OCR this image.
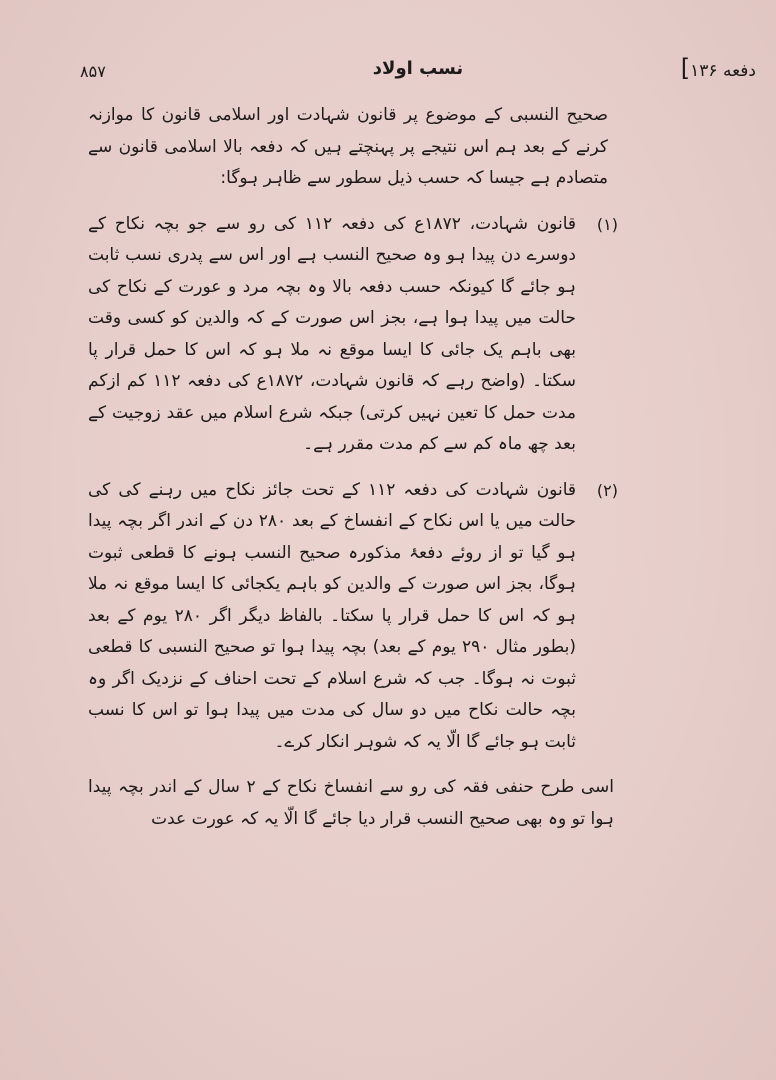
دفعه ۱۳۶]
نسب اولاد
۸۵۷

صحیح النسبی کے موضوع پر قانون شہادت اور اسلامی قانون کا موازنہ کرنے کے بعد ہم اس نتیجے پر پہنچتے ہیں کہ دفعہ بالا اسلامی قانون سے متصادم ہے جیسا کہ حسب ذیل سطور سے ظاہر ہوگا:

(۱)
قانون شہادت، ۱۸۷۲ع کی دفعہ ۱۱۲ کی رو سے جو بچہ نکاح کے دوسرے دن پیدا ہو وہ صحیح النسب ہے اور اس سے پدری نسب ثابت ہو جائے گا کیونکہ حسب دفعہ بالا وہ بچہ مرد و عورت کے نکاح کی حالت میں پیدا ہوا ہے، بجز اس صورت کے کہ والدین کو کسی وقت بھی باہم یک جائی کا ایسا موقع نہ ملا ہو کہ اس کا حمل قرار پا سکتا۔ (واضح رہے کہ قانون شہادت، ۱۸۷۲ع کی دفعہ ۱۱۲ کم ازکم مدت حمل کا تعین نہیں کرتی) جبکہ شرع اسلام میں عقد زوجیت کے بعد چھ ماہ کم سے کم مدت مقرر ہے۔

(۲)
قانون شہادت کی دفعہ ۱۱۲ کے تحت جائز نکاح میں رہنے کی کی حالت میں یا اس نکاح کے انفساخ کے بعد ۲۸۰ دن کے اندر اگر بچہ پیدا ہو گیا تو از روئے دفعۂ مذکورہ صحیح النسب ہونے کا قطعی ثبوت ہوگا، بجز اس صورت کے والدین کو باہم یکجائی کا ایسا موقع نہ ملا ہو کہ اس کا حمل قرار پا سکتا۔ بالفاظ دیگر اگر ۲۸۰ یوم کے بعد (بطور مثال ۲۹۰ یوم کے بعد) بچہ پیدا ہوا تو صحیح النسبی کا قطعی ثبوت نہ ہوگا۔ جب کہ شرع اسلام کے تحت احناف کے نزدیک اگر وہ بچہ حالت نکاح میں دو سال کی مدت میں پیدا ہوا تو اس کا نسب ثابت ہو جائے گا الّا یہ کہ شوہر انکار کرے۔

اسی طرح حنفی فقہ کی رو سے انفساخ نکاح کے ۲ سال کے اندر بچہ پیدا ہوا تو وہ بھی صحیح النسب قرار دیا جائے گا الّا یہ کہ عورت عدت
